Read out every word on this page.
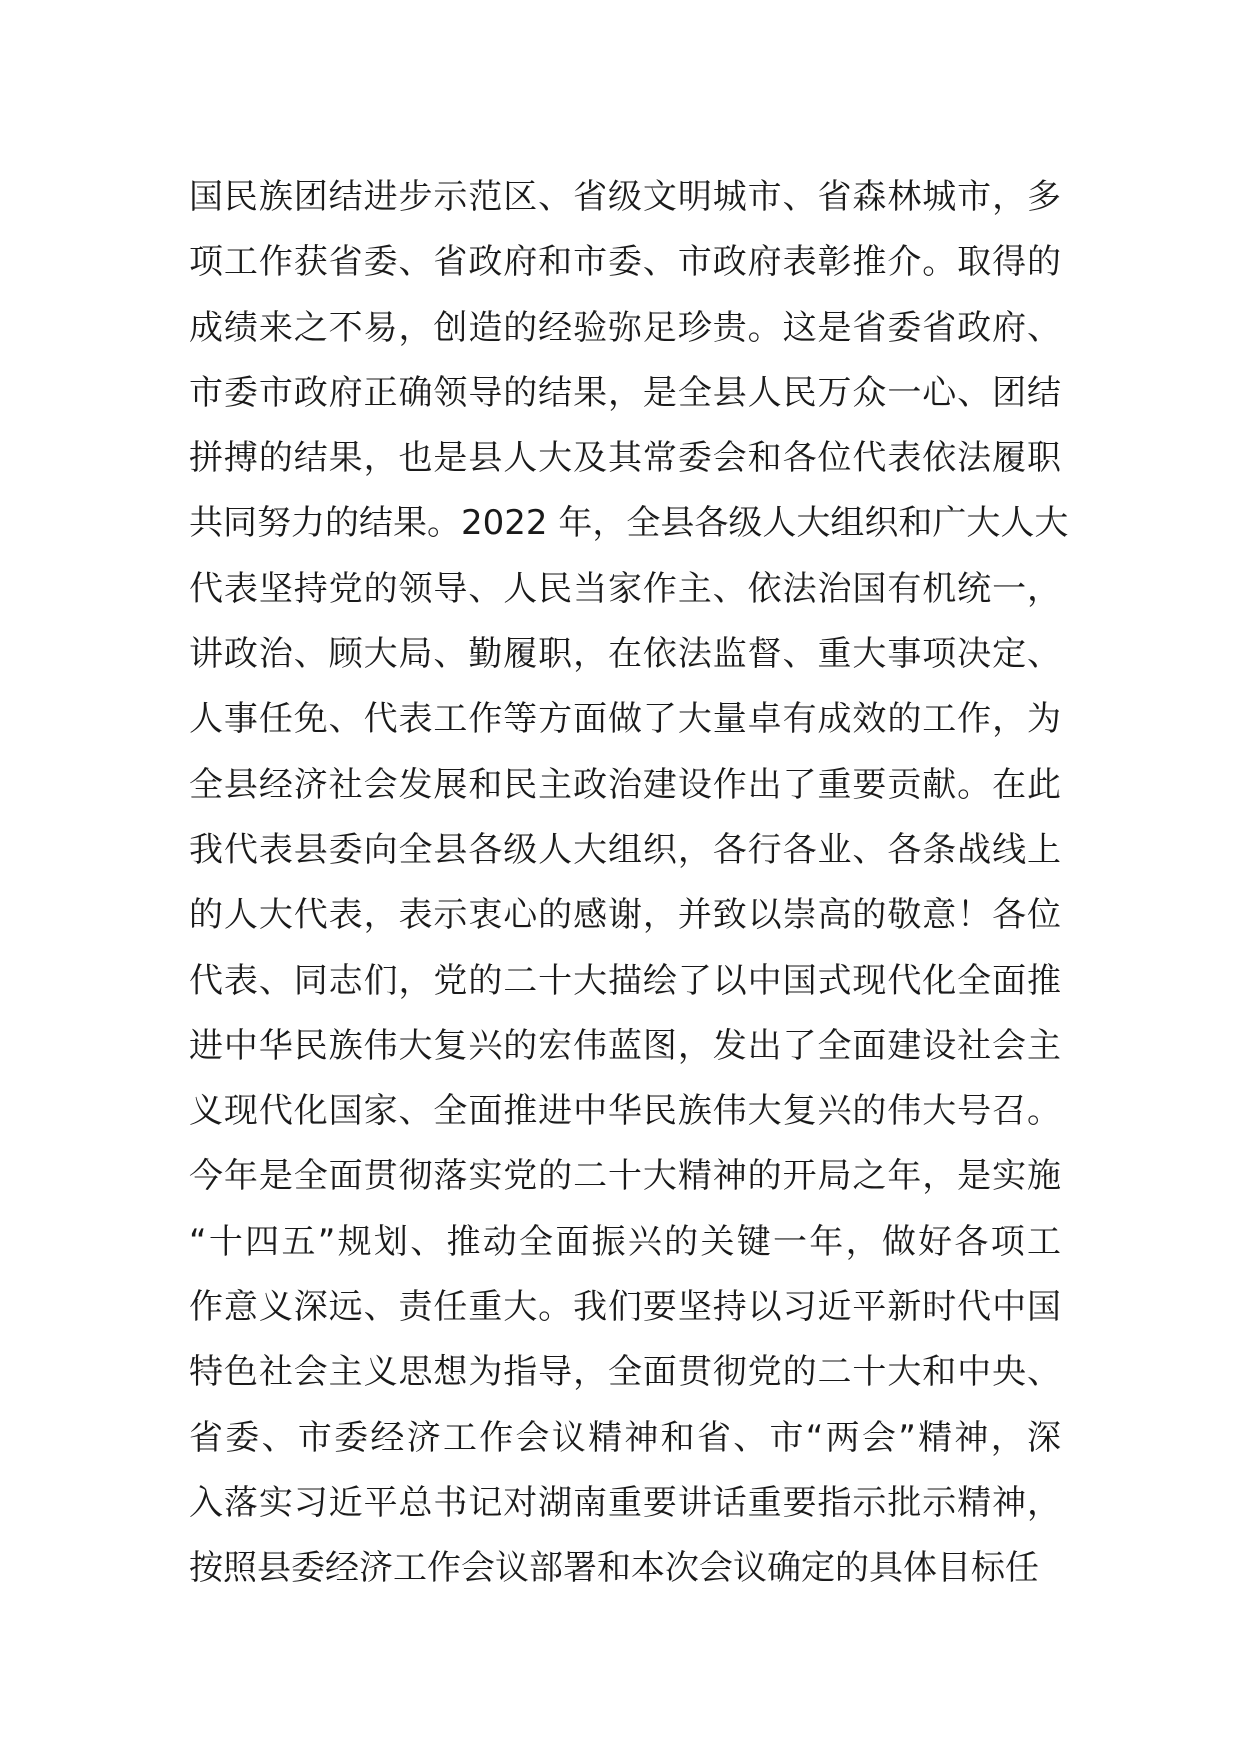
国民族团结进步示范区、省级文明城市、省森林城市，多
项工作获省委、省政府和市委、市政府表彰推介。取得的
成绩来之不易，创造的经验弥足珍贵。这是省委省政府、
市委市政府正确领导的结果，是全县人民万众一心、团结
拼搏的结果，也是县人大及其常委会和各位代表依法履职
共同努力的结果。2022 年，全县各级人大组织和广大人大
代表坚持党的领导、人民当家作主、依法治国有机统一，
讲政治、顾大局、勤履职，在依法监督、重大事项决定、
人事任免、代表工作等方面做了大量卓有成效的工作，为
全县经济社会发展和民主政治建设作出了重要贡献。在此
我代表县委向全县各级人大组织，各行各业、各条战线上
的人大代表，表示衷心的感谢，并致以崇高的敬意！各位
代表、同志们，党的二十大描绘了以中国式现代化全面推
进中华民族伟大复兴的宏伟蓝图，发出了全面建设社会主
义现代化国家、全面推进中华民族伟大复兴的伟大号召。
今年是全面贯彻落实党的二十大精神的开局之年，是实施
“十四五”规划、推动全面振兴的关键一年，做好各项工
作意义深远、责任重大。我们要坚持以习近平新时代中国
特色社会主义思想为指导，全面贯彻党的二十大和中央、
省委、市委经济工作会议精神和省、市“两会”精神，深
入落实习近平总书记对湖南重要讲话重要指示批示精神，
按照县委经济工作会议部署和本次会议确定的具体目标任
